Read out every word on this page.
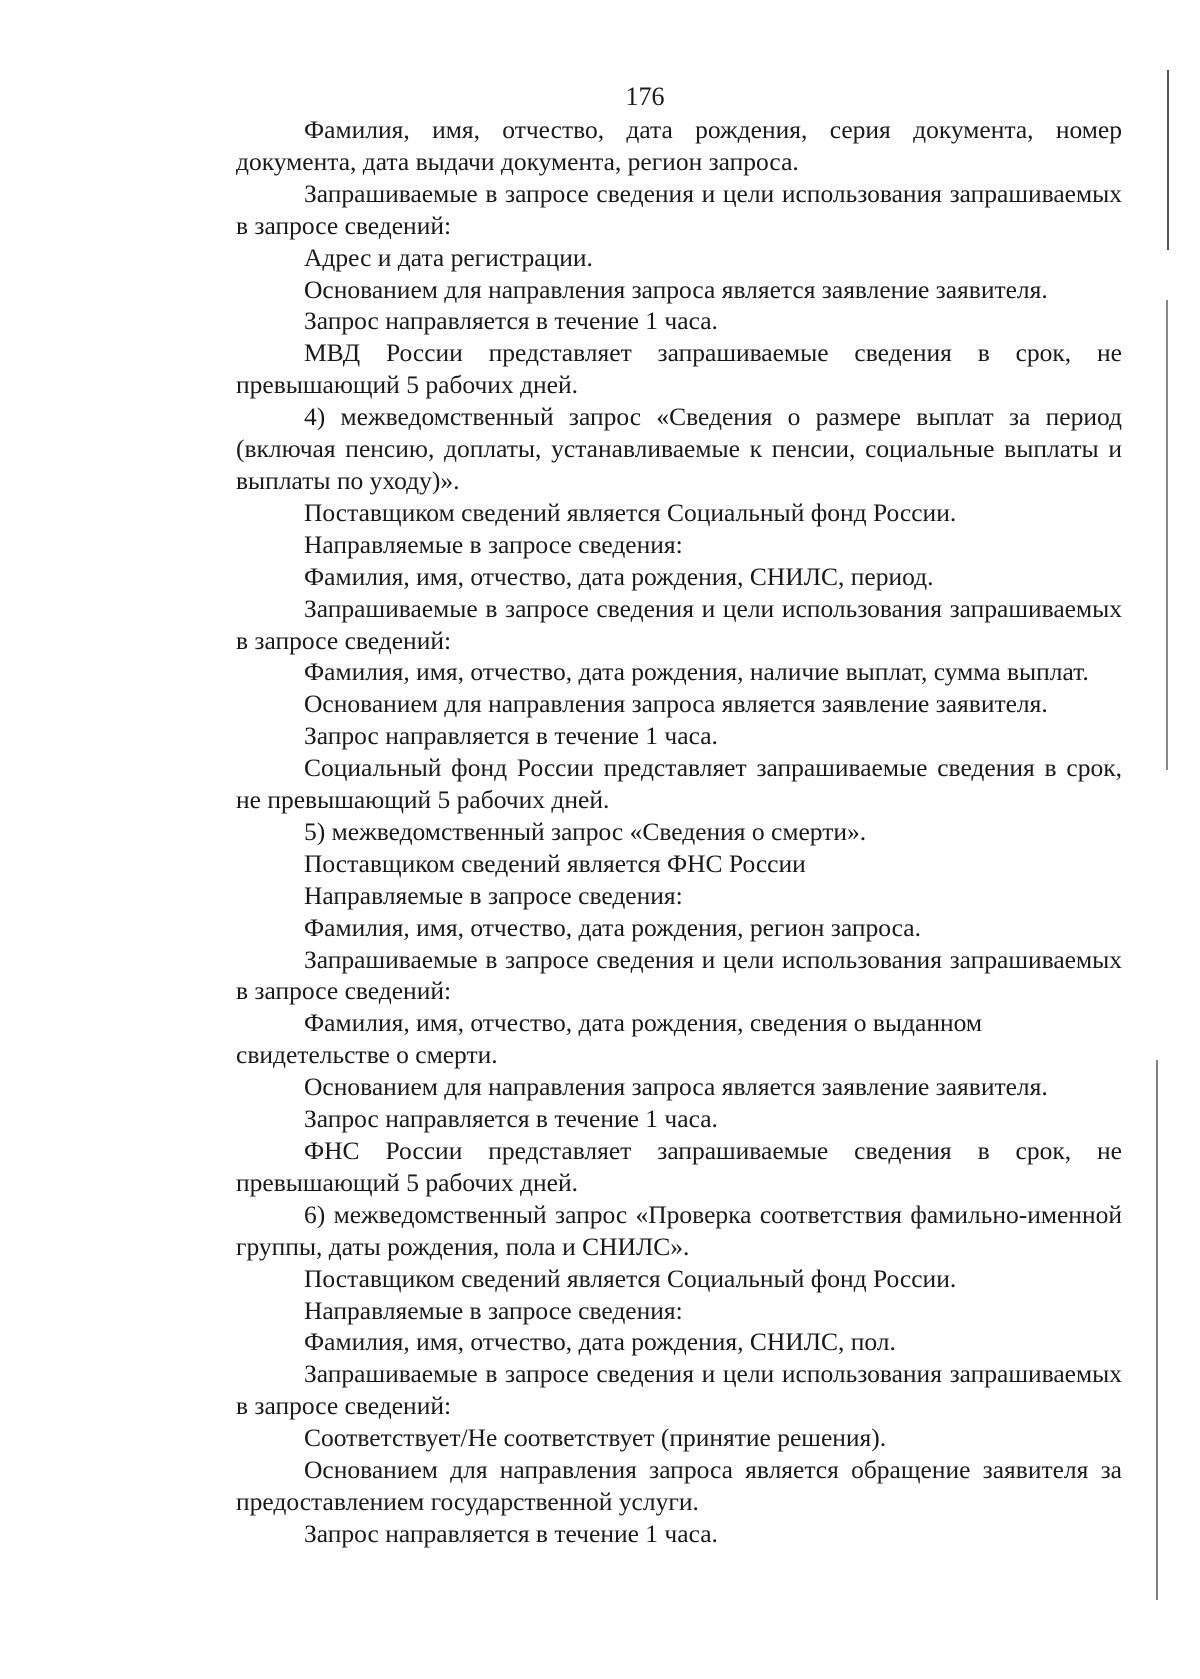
176

Фамилия, имя, отчество, дата рождения, серия документа, номер документа, дата выдачи документа, регион запроса.

Запрашиваемые в запросе сведения и цели использования запрашиваемых в запросе сведений:

Адрес и дата регистрации.

Основанием для направления запроса является заявление заявителя.

Запрос направляется в течение 1 часа.

МВД России представляет запрашиваемые сведения в срок, не превышающий 5 рабочих дней.

4) межведомственный запрос «Сведения о размере выплат за период (включая пенсию, доплаты, устанавливаемые к пенсии, социальные выплаты и выплаты по уходу)».

Поставщиком сведений является Социальный фонд России.

Направляемые в запросе сведения:

Фамилия, имя, отчество, дата рождения, СНИЛС, период.

Запрашиваемые в запросе сведения и цели использования запрашиваемых в запросе сведений:

Фамилия, имя, отчество, дата рождения, наличие выплат, сумма выплат.

Основанием для направления запроса является заявление заявителя.

Запрос направляется в течение 1 часа.

Социальный фонд России представляет запрашиваемые сведения в срок, не превышающий 5 рабочих дней.

5) межведомственный запрос «Сведения о смерти».

Поставщиком сведений является ФНС России

Направляемые в запросе сведения:

Фамилия, имя, отчество, дата рождения, регион запроса.

Запрашиваемые в запросе сведения и цели использования запрашиваемых в запросе сведений:

Фамилия, имя, отчество, дата рождения, сведения о выданном свидетельстве о смерти.

Основанием для направления запроса является заявление заявителя.

Запрос направляется в течение 1 часа.

ФНС России представляет запрашиваемые сведения в срок, не превышающий 5 рабочих дней.

6) межведомственный запрос «Проверка соответствия фамильно-именной группы, даты рождения, пола и СНИЛС».

Поставщиком сведений является Социальный фонд России.

Направляемые в запросе сведения:

Фамилия, имя, отчество, дата рождения, СНИЛС, пол.

Запрашиваемые в запросе сведения и цели использования запрашиваемых в запросе сведений:

Соответствует/Не соответствует (принятие решения).

Основанием для направления запроса является обращение заявителя за предоставлением государственной услуги.

Запрос направляется в течение 1 часа.
